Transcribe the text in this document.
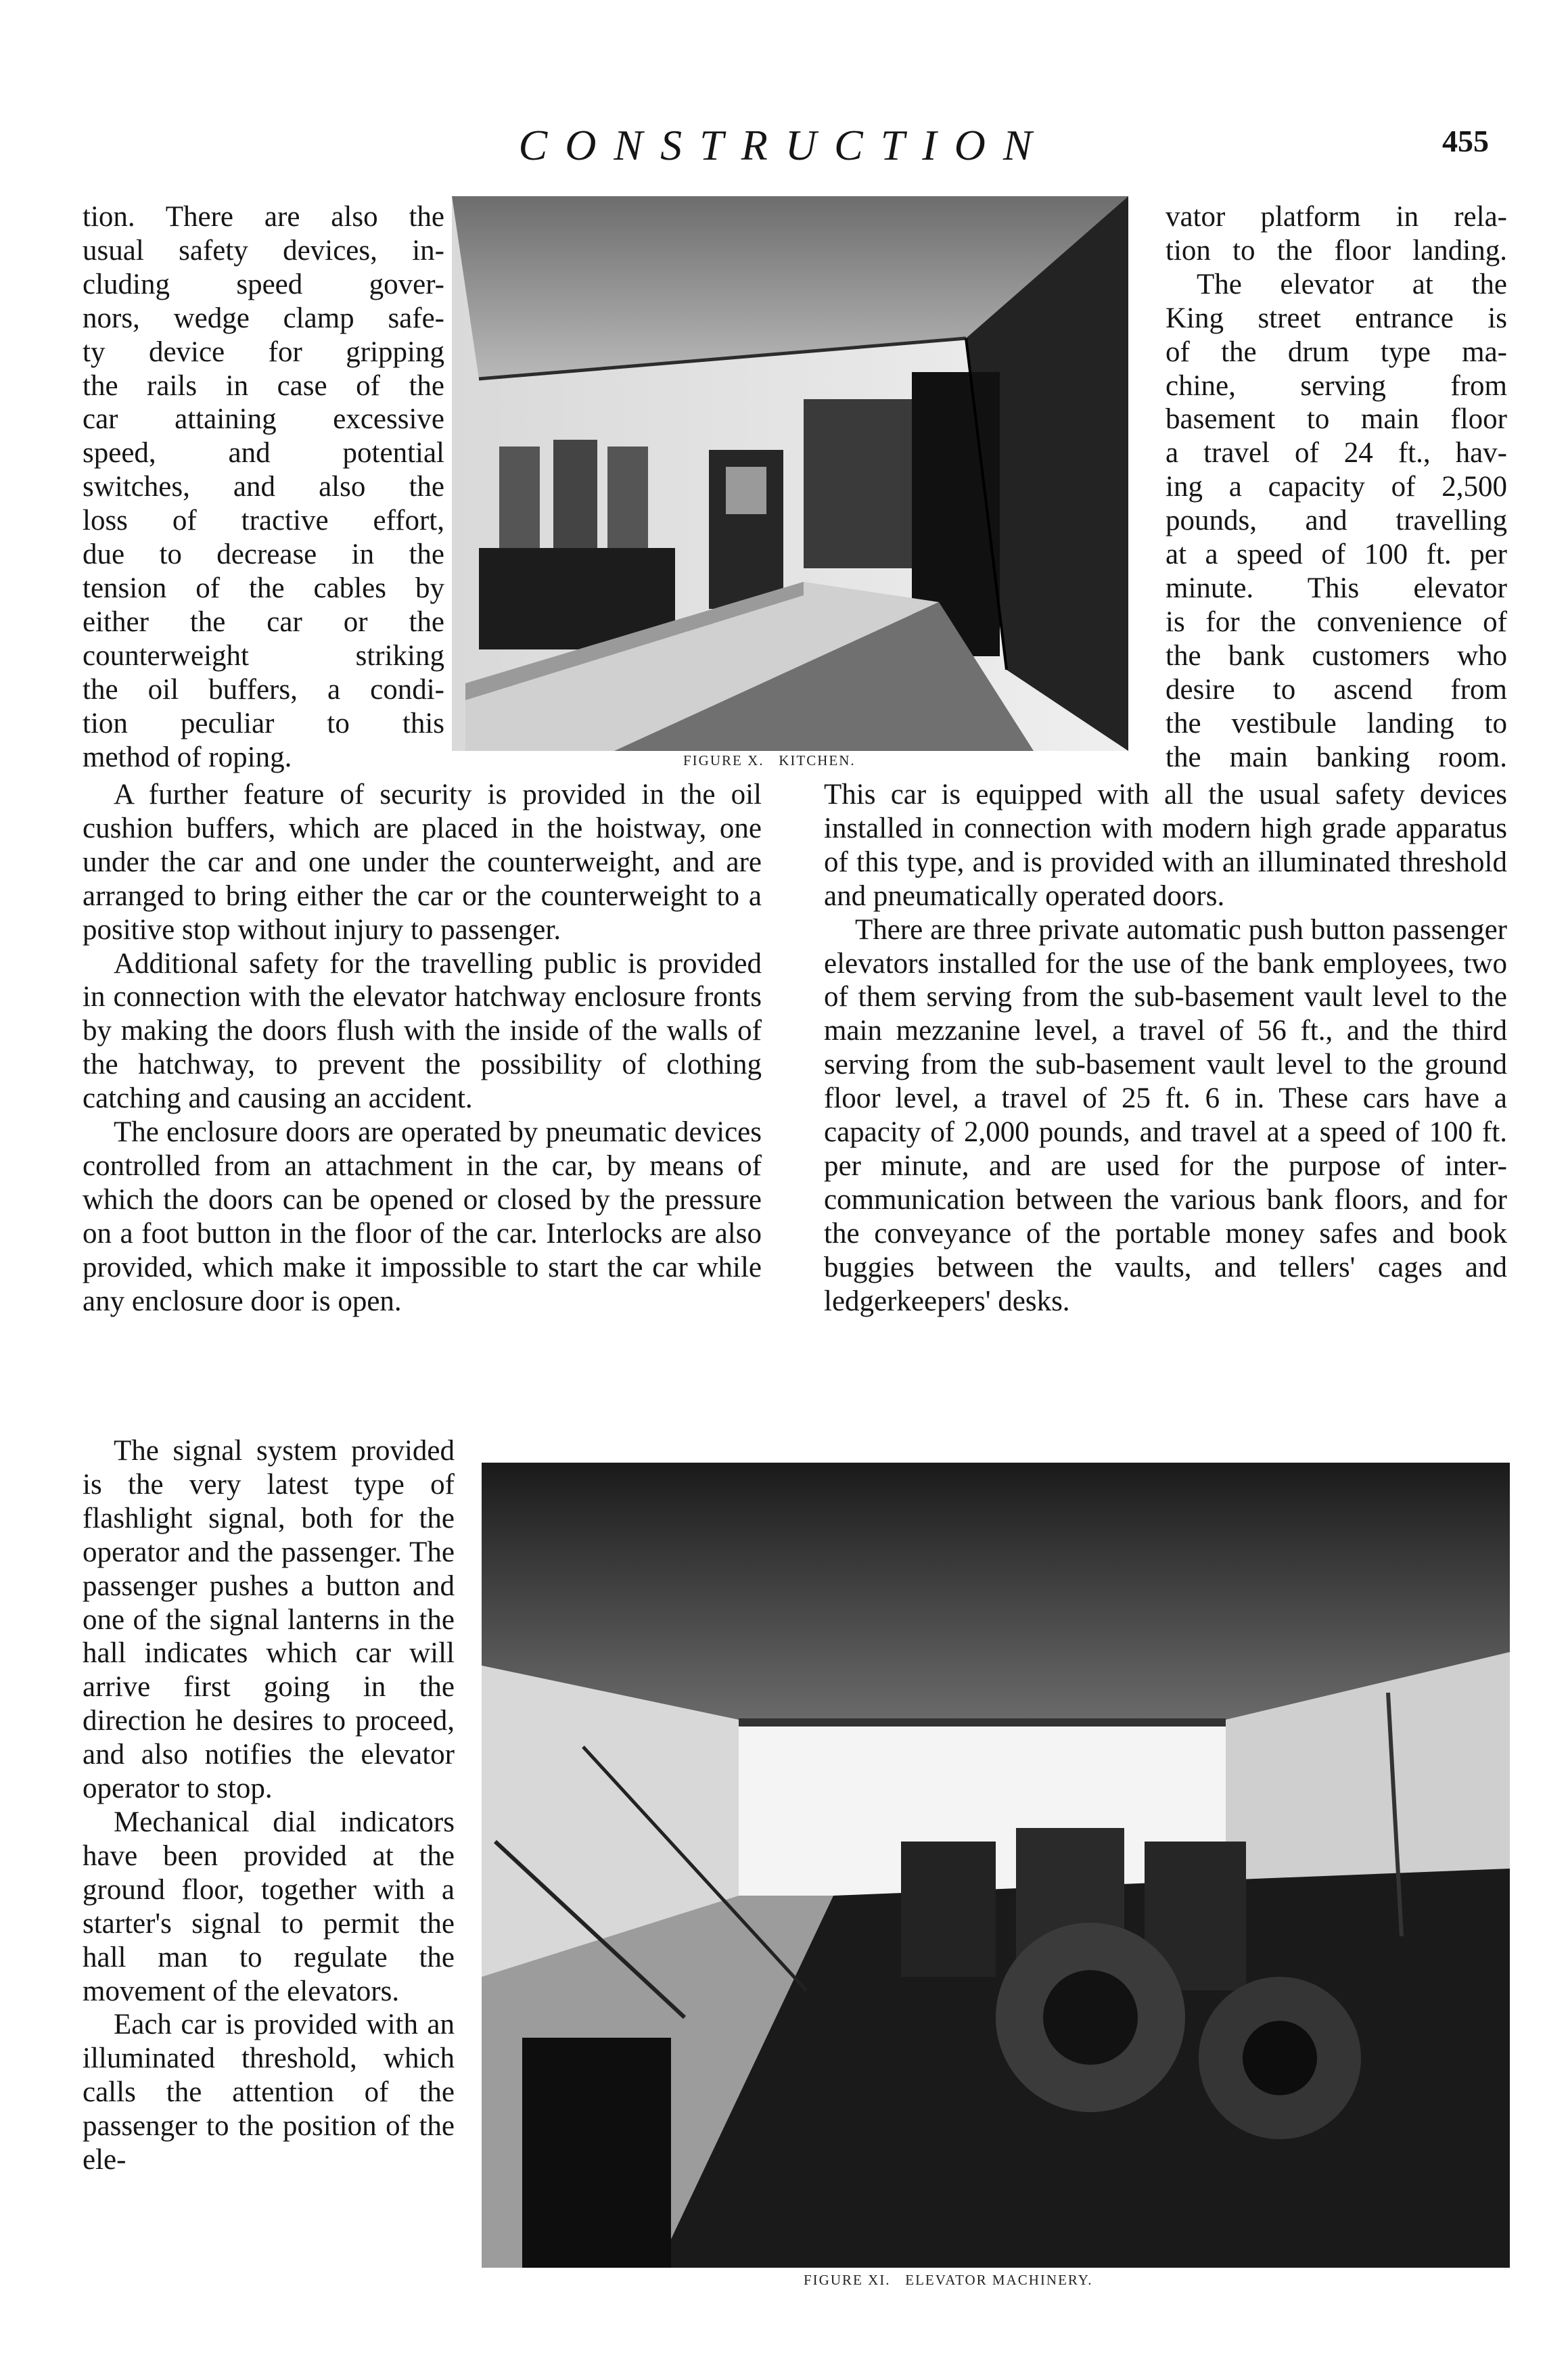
CONSTRUCTION	455
tion. There are also the
usual safety devices, in-
cluding speed gover-
nors, wedge clamp safe-
ty device for gripping
the rails in case of the
car attaining excessive
speed, and potential
switches, and also the
loss of tractive effort,
due to decrease in the
tension of the cables by
either the car or the
counterweight striking
the oil buffers, a condi-
tion peculiar to this
method of roping.	FIGURE X. KITCHEN.
vator platform in rela-
tion to the floor landing.
The elevator at the
King street entrance is
of the drum type ma-
chine, serving from
basement to main floor
a travel of 24 ft., hav-
ing a capacity of 2,500
pounds, and travelling
at a speed of 100 ft. per
minute. This elevator
is for the convenience of
the bank customers who
desire to ascend from
the vestibule landing to
the main banking room.

A further feature of security is provided in the oil cushion buffers, which are placed in the hoistway, one under the car and one under the counterweight, and are arranged to bring either the car or the counterweight to a positive stop without injury to passenger.

Additional safety for the travelling public is provided in connection with the elevator hatchway enclosure fronts by making the doors flush with the inside of the walls of the hatchway, to prevent the possibility of clothing catching and causing an accident.

The enclosure doors are operated by pneumatic devices controlled from an attachment in the car, by means of which the doors can be opened or closed by the pressure on a foot button in the floor of the car. Interlocks are also provided, which make it impossible to start the car while any enclosure door is open.

This car is equipped with all the usual safety devices installed in connection with modern high grade apparatus of this type, and is provided with an illuminated threshold and pneumatically operated doors.

There are three private automatic push button passenger elevators installed for the use of the bank employees, two of them serving from the sub-basement vault level to the main mezzanine level, a travel of 56 ft., and the third serving from the sub-basement vault level to the ground floor level, a travel of 25 ft. 6 in. These cars have a capacity of 2,000 pounds, and travel at a speed of 100 ft. per minute, and are used for the purpose of inter-communication between the various bank floors, and for the conveyance of the portable money safes and book buggies between the vaults, and tellers' cages and ledgerkeepers' desks.

The signal system provided is the very latest type of flashlight signal, both for the operator and the passenger. The passenger pushes a button and one of the signal lanterns in the hall indicates which car will arrive first going in the direction he desires to proceed, and also notifies the elevator operator to stop.

Mechanical dial indicators have been provided at the ground floor, together with a starter's signal to permit the hall man to regulate the movement of the elevators.

Each car is provided with an illuminated threshold, which calls the attention of the passenger to the position of the ele-

FIGURE XI. ELEVATOR MACHINERY.
